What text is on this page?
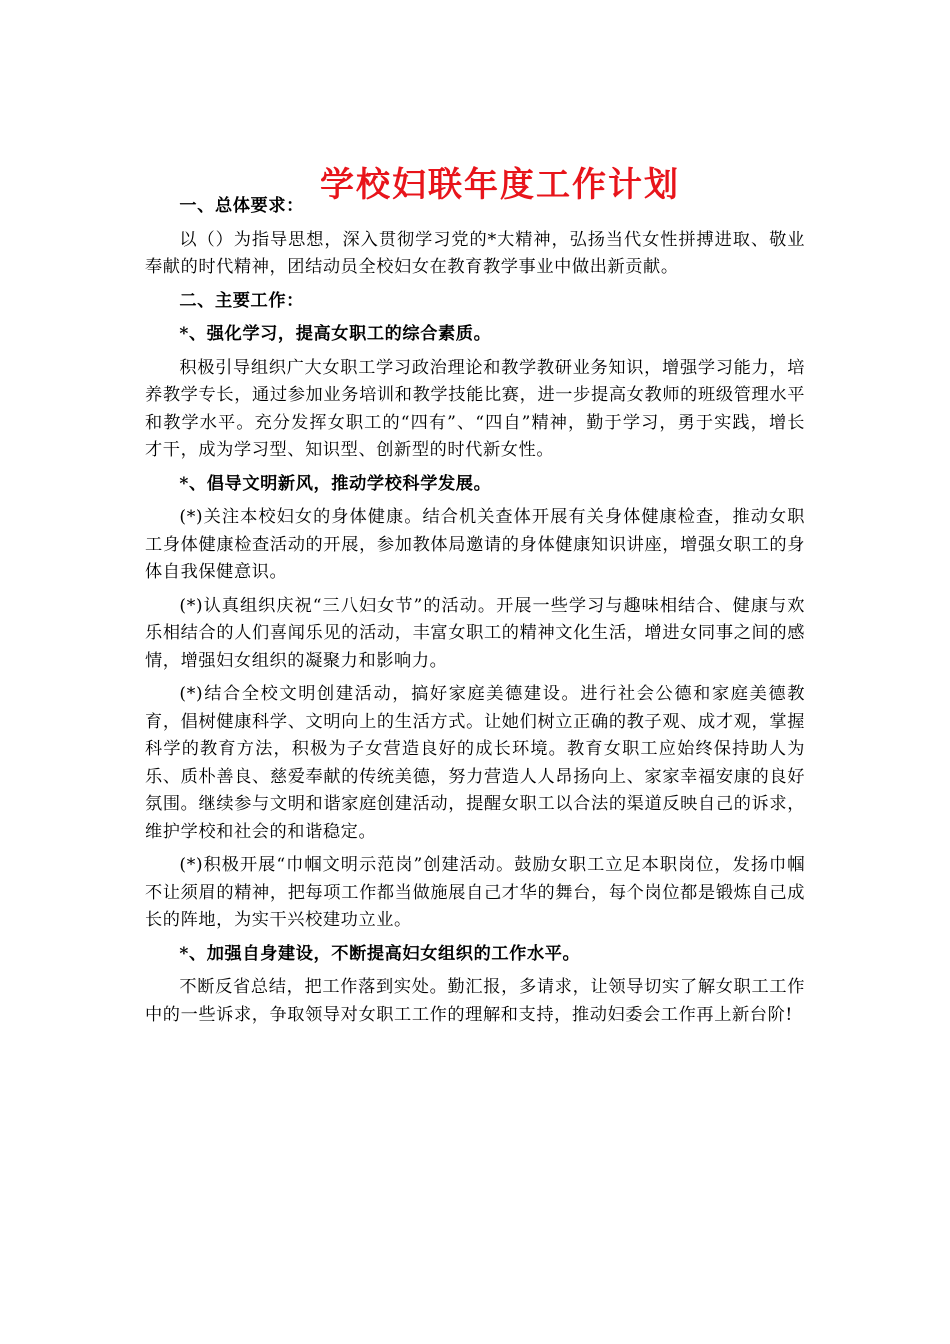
学校妇联年度工作计划
一、总体要求：

以（）为指导思想，深入贯彻学习党的*大精神，弘扬当代女性拼搏进取、敬业奉献的时代精神，团结动员全校妇女在教育教学事业中做出新贡献。

二、主要工作：
*、强化学习，提高女职工的综合素质。

积极引导组织广大女职工学习政治理论和教学教研业务知识，增强学习能力，培养教学专长，通过参加业务培训和教学技能比赛，进一步提高女教师的班级管理水平和教学水平。充分发挥女职工的“四有”、“四自”精神，勤于学习，勇于实践，增长才干，成为学习型、知识型、创新型的时代新女性。

*、倡导文明新风，推动学校科学发展。

(*)关注本校妇女的身体健康。结合机关查体开展有关身体健康检查，推动女职工身体健康检查活动的开展，参加教体局邀请的身体健康知识讲座，增强女职工的身体自我保健意识。

(*)认真组织庆祝“三八妇女节”的活动。开展一些学习与趣味相结合、健康与欢乐相结合的人们喜闻乐见的活动，丰富女职工的精神文化生活，增进女同事之间的感情，增强妇女组织的凝聚力和影响力。

(*)结合全校文明创建活动，搞好家庭美德建设。进行社会公德和家庭美德教育，倡树健康科学、文明向上的生活方式。让她们树立正确的教子观、成才观，掌握科学的教育方法，积极为子女营造良好的成长环境。教育女职工应始终保持助人为乐、质朴善良、慈爱奉献的传统美德，努力营造人人昂扬向上、家家幸福安康的良好氛围。继续参与文明和谐家庭创建活动，提醒女职工以合法的渠道反映自己的诉求，维护学校和社会的和谐稳定。

(*)积极开展“巾帼文明示范岗”创建活动。鼓励女职工立足本职岗位，发扬巾帼不让须眉的精神，把每项工作都当做施展自己才华的舞台，每个岗位都是锻炼自己成长的阵地，为实干兴校建功立业。

*、加强自身建设，不断提高妇女组织的工作水平。

不断反省总结，把工作落到实处。勤汇报，多请求，让领导切实了解女职工工作中的一些诉求，争取领导对女职工工作的理解和支持，推动妇委会工作再上新台阶!
